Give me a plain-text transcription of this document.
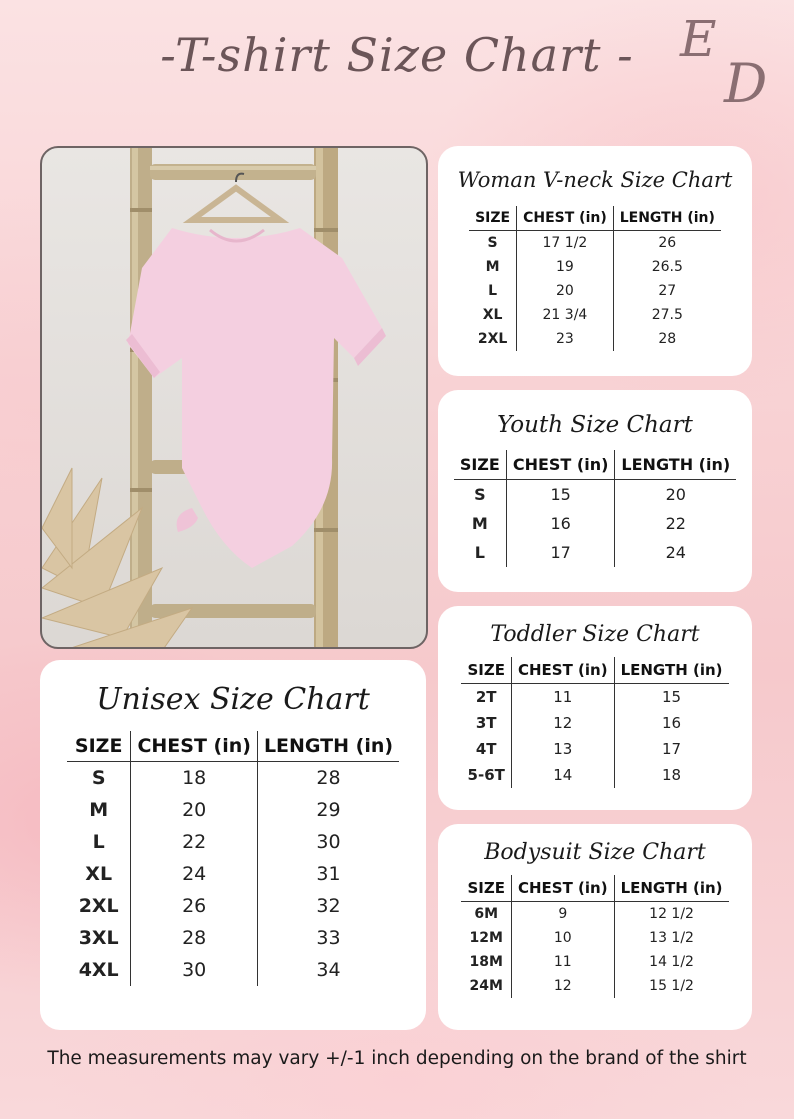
-T-shirt Size Chart - E
D
Woman V-neck Size Chart
SIZE	CHEST (in)	LENGTH (in)
S	17 1/2	26
M	19	26.5
L	20	27
XL	21 3/4	27.5
2XL	23	28
Youth Size Chart
SIZE	CHEST (in)	LENGTH (in)
S	15	20
M	16	22
L	17	24
Toddler Size Chart
SIZE	CHEST (in)	LENGTH (in)
2T	11	15
3T	12	16
4T	13	17
5-6T	14	18
Bodysuit Size Chart
SIZE	CHEST (in)	LENGTH (in)
6M	9	12 1/2
12M	10	13 1/2
18M	11	14 1/2
24M	12	15 1/2
Unisex Size Chart
SIZE	CHEST (in)	LENGTH (in)
S	18	28
M	20	29
L	22	30
XL	24	31
2XL	26	32
3XL	28	33
4XL	30	34
The measurements may vary +/-1 inch depending on the brand of the shirt
